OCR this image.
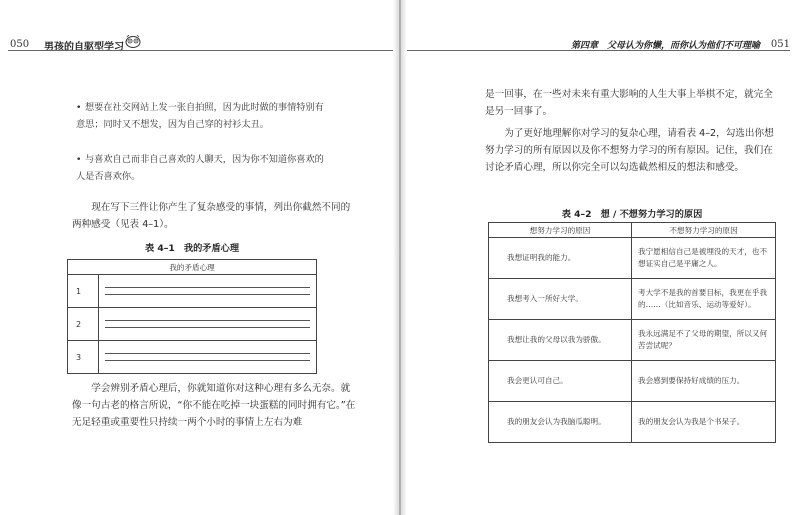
050 男孩的自驱型学习
• 想要在社交网站上发一张自拍照，因为此时做的事情特别有意思；同时又不想发，因为自己穿的衬衫太丑。
• 与喜欢自己而非自己喜欢的人聊天，因为你不知道你喜欢的人是否喜欢你。
现在写下三件让你产生了复杂感受的事情，列出你截然不同的两种感受（见表 4–1）。
表 4–1　我的矛盾心理
我的矛盾心理	
1	

2	

3	
学会辨别矛盾心理后，你就知道你对这种心理有多么无奈。就像一句古老的格言所说，“你不能在吃掉一块蛋糕的同时拥有它。”在无足轻重或重要性只持续一两个小时的事情上左右为难
第四章　父母认为你懒，而你认为他们不可理喻 051
是一回事，在一些对未来有重大影响的人生大事上举棋不定，就完全是另一回事了。
为了更好地理解你对学习的复杂心理，请看表 4–2，勾选出你想努力学习的所有原因以及你不想努力学习的所有原因。记住，我们在讨论矛盾心理，所以你完全可以勾选截然相反的想法和感受。
表 4–2　想 / 不想努力学习的原因
想努力学习的原因	不想努力学习的原因
我想证明我的能力。	我宁愿相信自己是被埋没的天才，也不想证实自己是平庸之人。
我想考入一所好大学。	考大学不是我的首要目标，我更在乎我的……（比如音乐、运动等爱好）。
我想让我的父母以我为骄傲。	我永远满足不了父母的期望，所以又何苦尝试呢？
我会更认可自己。	我会感到要保持好成绩的压力。
我的朋友会认为我脑瓜聪明。	我的朋友会认为我是个书呆子。
